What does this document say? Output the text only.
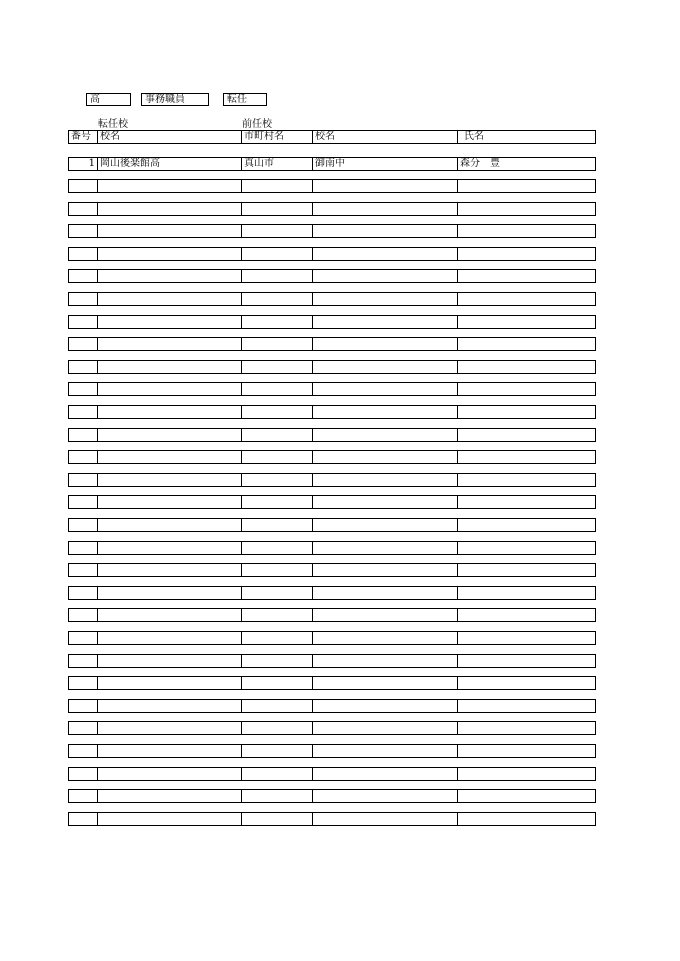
高	事務職員	転任
転任校	前任校
番号 校名	市町村名	校名	氏名
1 岡山後楽館高	真山市	御南中	森分　豊
